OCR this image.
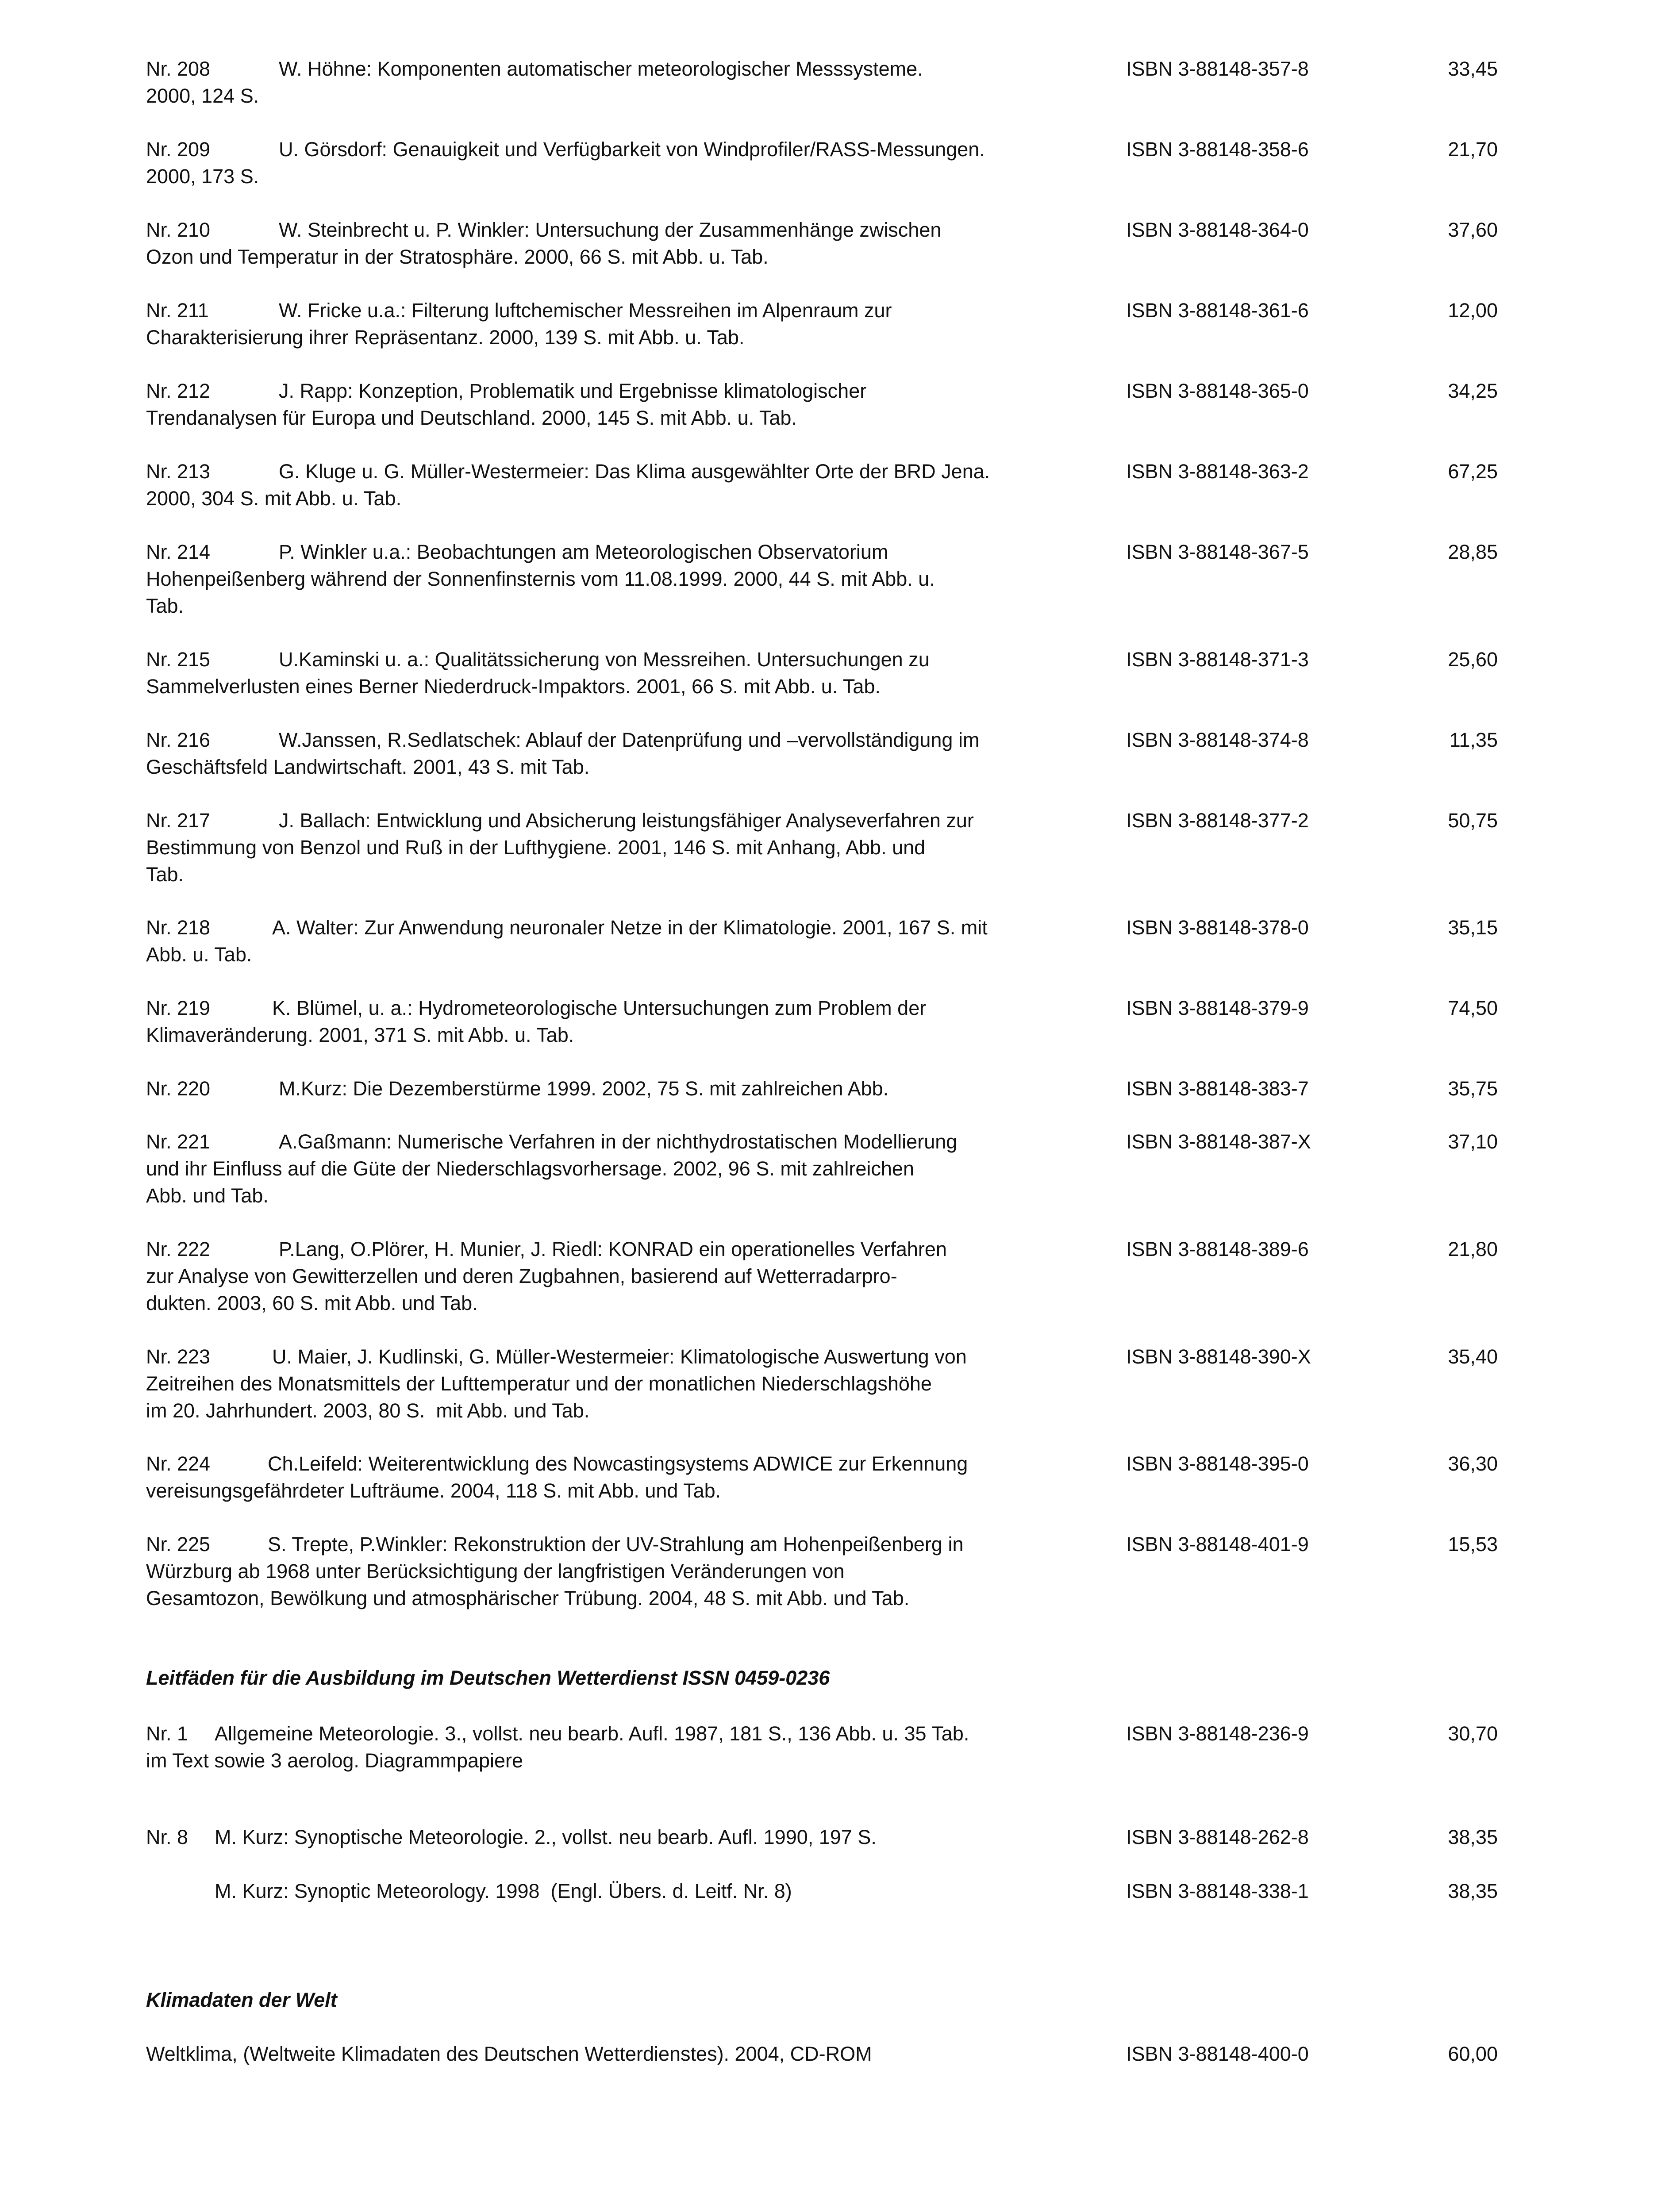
Nr. 208	W. Höhne: Komponenten automatischer meteorologischer Messsysteme.
2000, 124 S.
ISBN 3-88148-357-8	33,45
Nr. 209	U. Görsdorf: Genauigkeit und Verfügbarkeit von Windprofiler/RASS-Messungen.
2000, 173 S.
ISBN 3-88148-358-6	21,70
Nr. 210	W. Steinbrecht u. P. Winkler: Untersuchung der Zusammenhänge zwischen
Ozon und Temperatur in der Stratosphäre. 2000, 66 S. mit Abb. u. Tab.
ISBN 3-88148-364-0	37,60
Nr. 211	W. Fricke u.a.: Filterung luftchemischer Messreihen im Alpenraum zur
Charakterisierung ihrer Repräsentanz. 2000, 139 S. mit Abb. u. Tab.
ISBN 3-88148-361-6	12,00
Nr. 212	J. Rapp: Konzeption, Problematik und Ergebnisse klimatologischer
Trendanalysen für Europa und Deutschland. 2000, 145 S. mit Abb. u. Tab.
ISBN 3-88148-365-0	34,25
Nr. 213	G. Kluge u. G. Müller-Westermeier: Das Klima ausgewählter Orte der BRD Jena.
2000, 304 S. mit Abb. u. Tab.
ISBN 3-88148-363-2	67,25
Nr. 214	P. Winkler u.a.: Beobachtungen am Meteorologischen Observatorium
Hohenpeißenberg während der Sonnenfinsternis vom 11.08.1999. 2000, 44 S. mit Abb. u.
Tab.
ISBN 3-88148-367-5	28,85
Nr. 215	U.Kaminski u. a.: Qualitätssicherung von Messreihen. Untersuchungen zu
Sammelverlusten eines Berner Niederdruck-Impaktors. 2001, 66 S. mit Abb. u. Tab.
ISBN 3-88148-371-3	25,60
Nr. 216	W.Janssen, R.Sedlatschek: Ablauf der Datenprüfung und –vervollständigung im
Geschäftsfeld Landwirtschaft. 2001, 43 S. mit Tab.
ISBN 3-88148-374-8	11,35
Nr. 217	J. Ballach: Entwicklung und Absicherung leistungsfähiger Analyseverfahren zur
Bestimmung von Benzol und Ruß in der Lufthygiene. 2001, 146 S. mit Anhang, Abb. und
Tab.
ISBN 3-88148-377-2	50,75
Nr. 218	A. Walter: Zur Anwendung neuronaler Netze in der Klimatologie. 2001, 167 S. mit
Abb. u. Tab.
ISBN 3-88148-378-0	35,15
Nr. 219	K. Blümel, u. a.: Hydrometeorologische Untersuchungen zum Problem der
Klimaveränderung. 2001, 371 S. mit Abb. u. Tab.
ISBN 3-88148-379-9	74,50
Nr. 220	M.Kurz: Die Dezemberstürme 1999. 2002, 75 S. mit zahlreichen Abb.	ISBN 3-88148-383-7	35,75
Nr. 221	A.Gaßmann: Numerische Verfahren in der nichthydrostatischen Modellierung
und ihr Einfluss auf die Güte der Niederschlagsvorhersage. 2002, 96 S. mit zahlreichen
Abb. und Tab.
ISBN 3-88148-387-X	37,10
Nr. 222	P.Lang, O.Plörer, H. Munier, J. Riedl: KONRAD ein operationelles Verfahren
zur Analyse von Gewitterzellen und deren Zugbahnen, basierend auf Wetterradarpro-
dukten. 2003, 60 S. mit Abb. und Tab.
ISBN 3-88148-389-6	21,80
Nr. 223	U. Maier, J. Kudlinski, G. Müller-Westermeier: Klimatologische Auswertung von
Zeitreihen des Monatsmittels der Lufttemperatur und der monatlichen Niederschlagshöhe
im 20. Jahrhundert. 2003, 80 S.  mit Abb. und Tab.
ISBN 3-88148-390-X	35,40
Nr. 224	Ch.Leifeld: Weiterentwicklung des Nowcastingsystems ADWICE zur Erkennung
vereisungsgefährdeter Lufträume. 2004, 118 S. mit Abb. und Tab.
ISBN 3-88148-395-0	36,30
Nr. 225	S. Trepte, P.Winkler: Rekonstruktion der UV-Strahlung am Hohenpeißenberg in
Würzburg ab 1968 unter Berücksichtigung der langfristigen Veränderungen von
Gesamtozon, Bewölkung und atmosphärischer Trübung. 2004, 48 S. mit Abb. und Tab.
ISBN 3-88148-401-9	15,53
Leitfäden für die Ausbildung im Deutschen Wetterdienst ISSN 0459-0236
Nr. 1	Allgemeine Meteorologie. 3., vollst. neu bearb. Aufl. 1987, 181 S., 136 Abb. u. 35 Tab.
im Text sowie 3 aerolog. Diagrammpapiere
ISBN 3-88148-236-9	30,70
Nr. 8	M. Kurz: Synoptische Meteorologie. 2., vollst. neu bearb. Aufl. 1990, 197 S.	ISBN 3-88148-262-8	38,35
M. Kurz: Synoptic Meteorology. 1998  (Engl. Übers. d. Leitf. Nr. 8)	ISBN 3-88148-338-1	38,35
Klimadaten der Welt
Weltklima, (Weltweite Klimadaten des Deutschen Wetterdienstes). 2004, CD-ROM	ISBN 3-88148-400-0	60,00
